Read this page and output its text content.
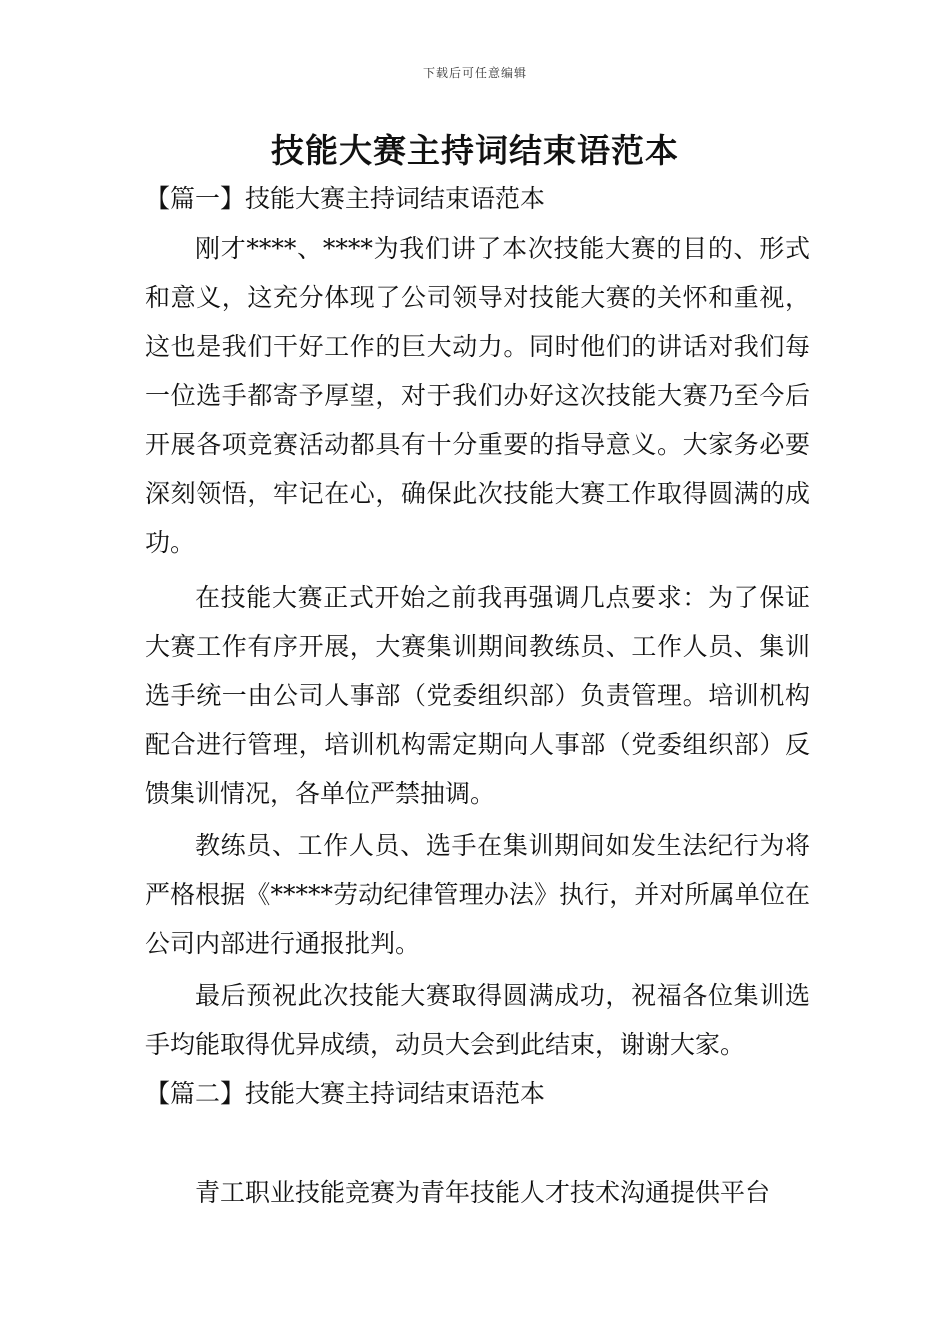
下载后可任意编辑
技能大赛主持词结束语范本
【篇一】技能大赛主持词结束语范本

刚才****、****为我们讲了本次技能大赛的目的、形式和意义，这充分体现了公司领导对技能大赛的关怀和重视，这也是我们干好工作的巨大动力。同时他们的讲话对我们每一位选手都寄予厚望，对于我们办好这次技能大赛乃至今后开展各项竞赛活动都具有十分重要的指导意义。大家务必要深刻领悟，牢记在心，确保此次技能大赛工作取得圆满的成功。

在技能大赛正式开始之前我再强调几点要求：为了保证大赛工作有序开展，大赛集训期间教练员、工作人员、集训选手统一由公司人事部（党委组织部）负责管理。培训机构配合进行管理，培训机构需定期向人事部（党委组织部）反馈集训情况，各单位严禁抽调。

教练员、工作人员、选手在集训期间如发生法纪行为将严格根据《*****劳动纪律管理办法》执行，并对所属单位在公司内部进行通报批判。

最后预祝此次技能大赛取得圆满成功，祝福各位集训选手均能取得优异成绩，动员大会到此结束，谢谢大家。

【篇二】技能大赛主持词结束语范本

青工职业技能竞赛为青年技能人才技术沟通提供平台
